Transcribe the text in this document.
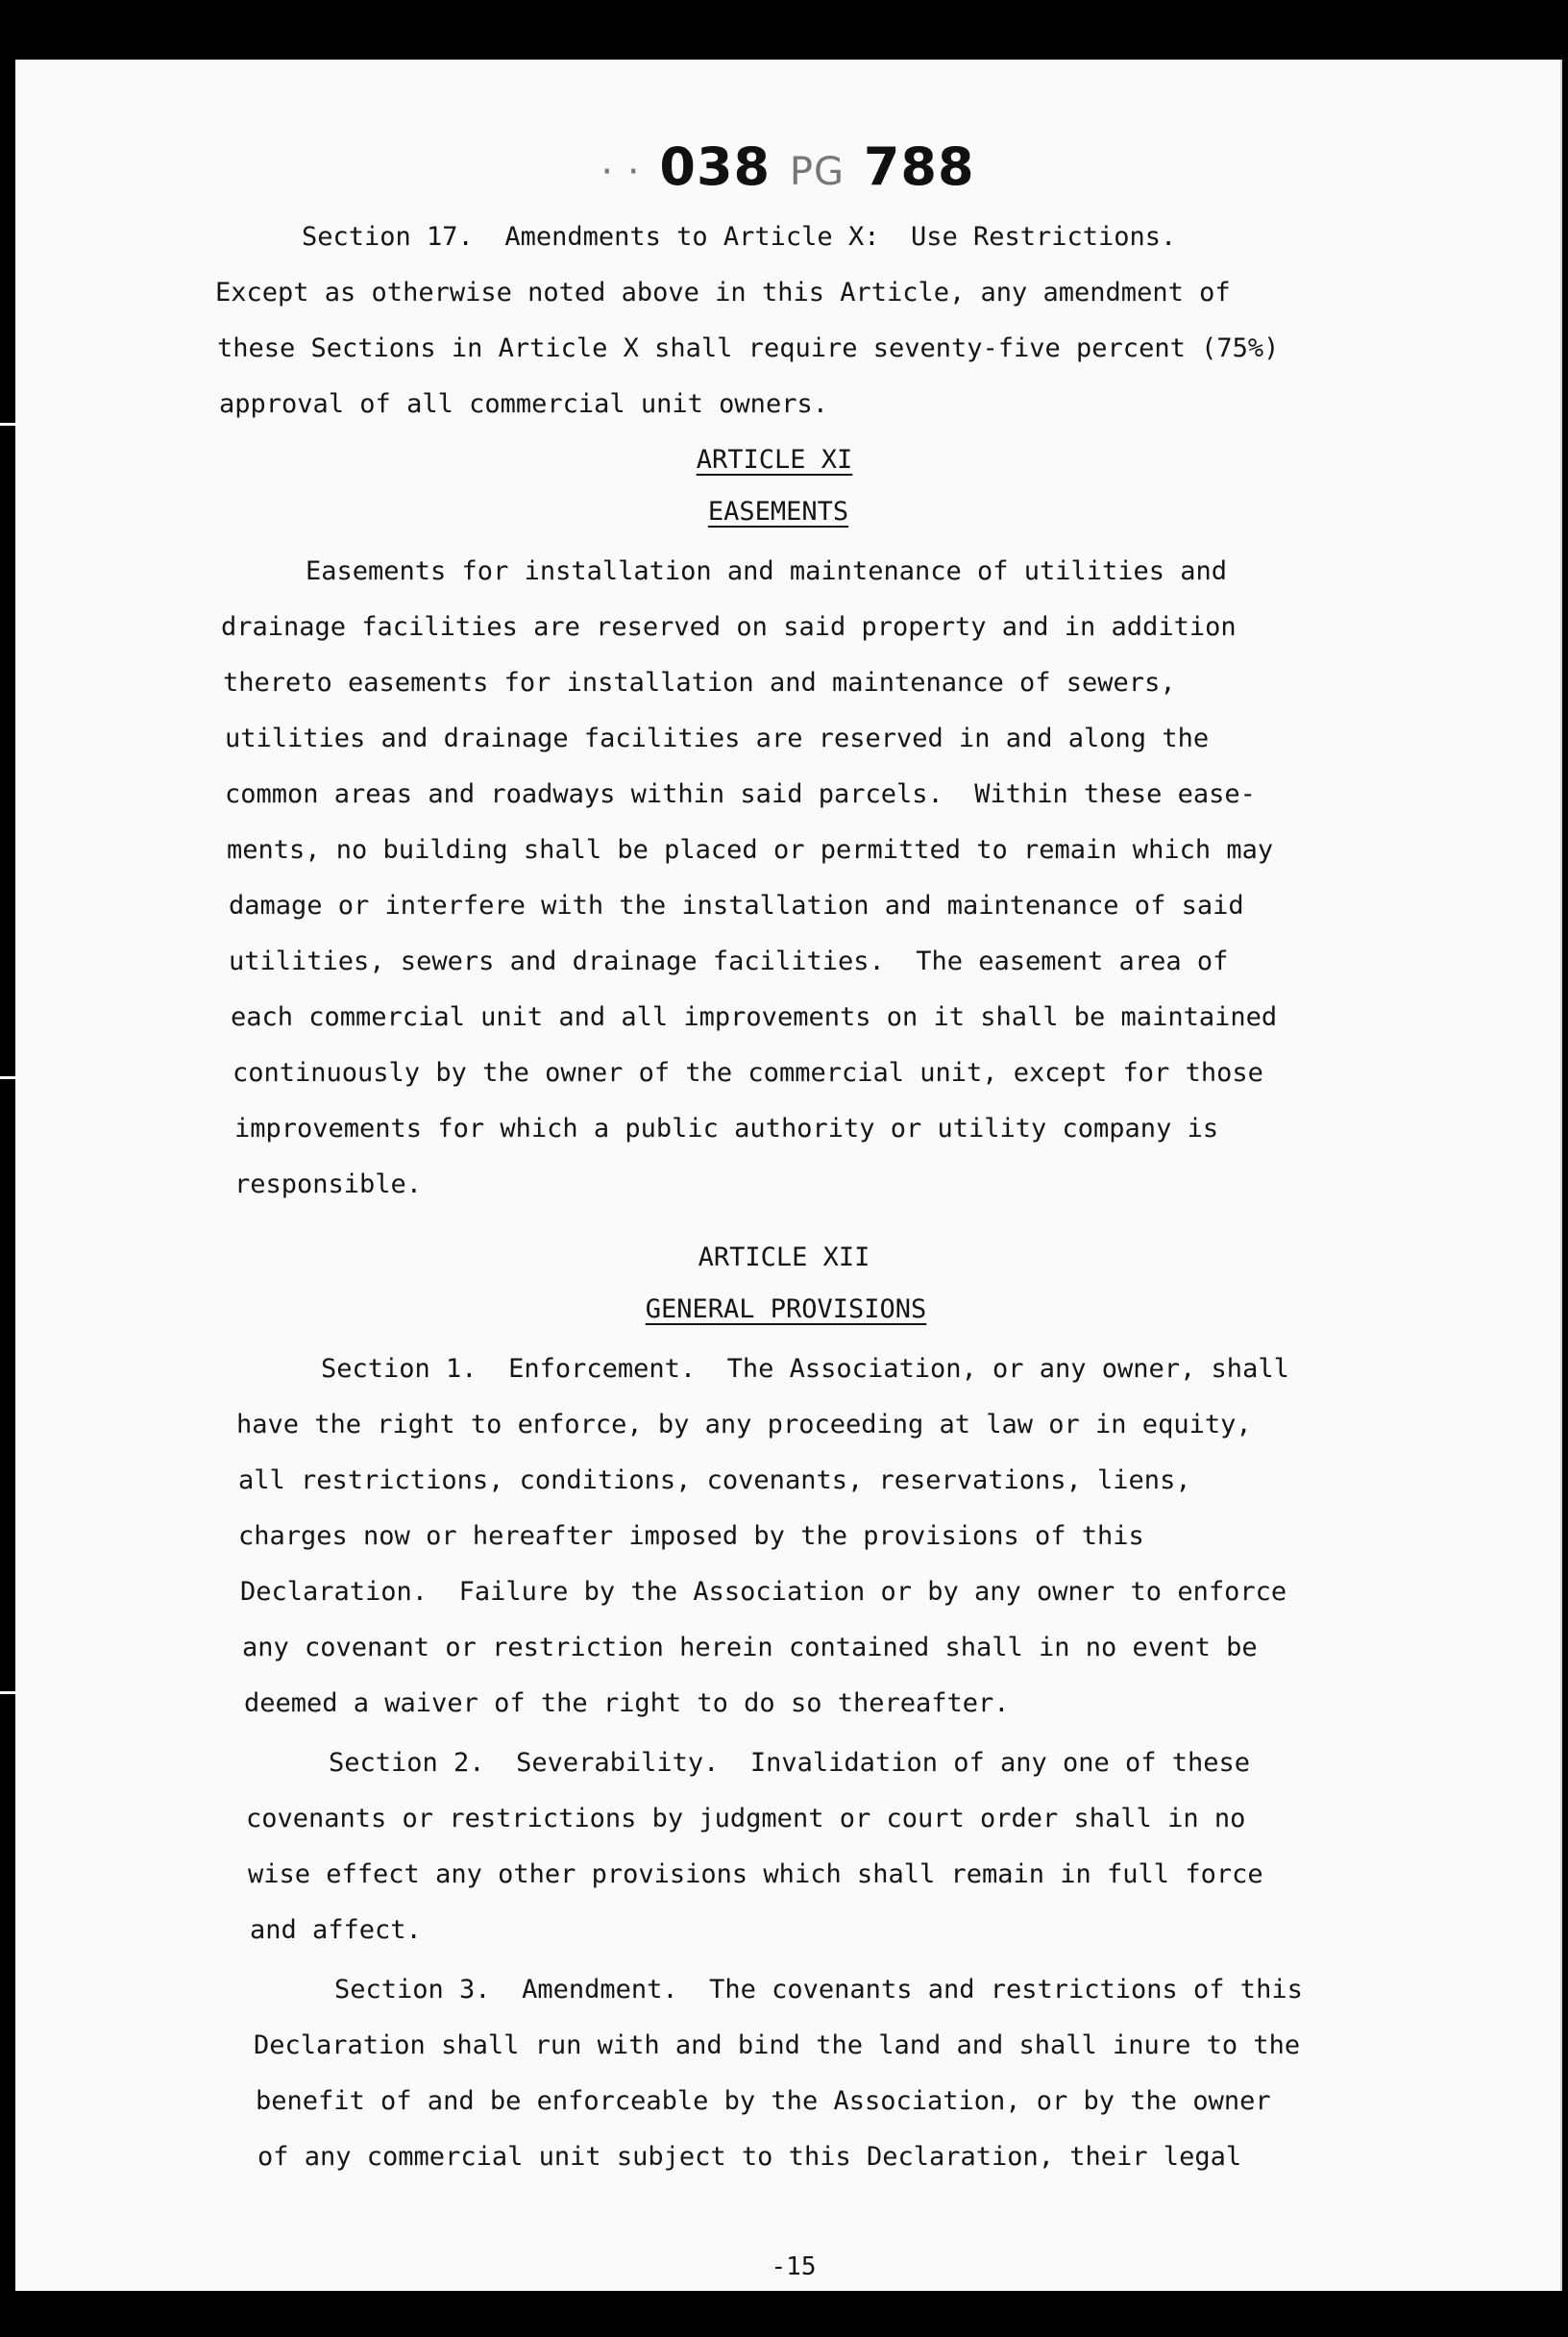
· · 038 PG 788
Section 17.  Amendments to Article X:  Use Restrictions.
Except as otherwise noted above in this Article, any amendment of
these Sections in Article X shall require seventy-five percent (75%)
approval of all commercial unit owners.
ARTICLE XI
EASEMENTS
Easements for installation and maintenance of utilities and
drainage facilities are reserved on said property and in addition
thereto easements for installation and maintenance of sewers,
utilities and drainage facilities are reserved in and along the
common areas and roadways within said parcels.  Within these ease-
ments, no building shall be placed or permitted to remain which may
damage or interfere with the installation and maintenance of said
utilities, sewers and drainage facilities.  The easement area of
each commercial unit and all improvements on it shall be maintained
continuously by the owner of the commercial unit, except for those
improvements for which a public authority or utility company is
responsible.
ARTICLE XII
GENERAL PROVISIONS
Section 1.  Enforcement.  The Association, or any owner, shall
have the right to enforce, by any proceeding at law or in equity,
all restrictions, conditions, covenants, reservations, liens,
charges now or hereafter imposed by the provisions of this
Declaration.  Failure by the Association or by any owner to enforce
any covenant or restriction herein contained shall in no event be
deemed a waiver of the right to do so thereafter.
Section 2.  Severability.  Invalidation of any one of these
covenants or restrictions by judgment or court order shall in no
wise effect any other provisions which shall remain in full force
and affect.
Section 3.  Amendment.  The covenants and restrictions of this
Declaration shall run with and bind the land and shall inure to the
benefit of and be enforceable by the Association, or by the owner
of any commercial unit subject to this Declaration, their legal
-15
